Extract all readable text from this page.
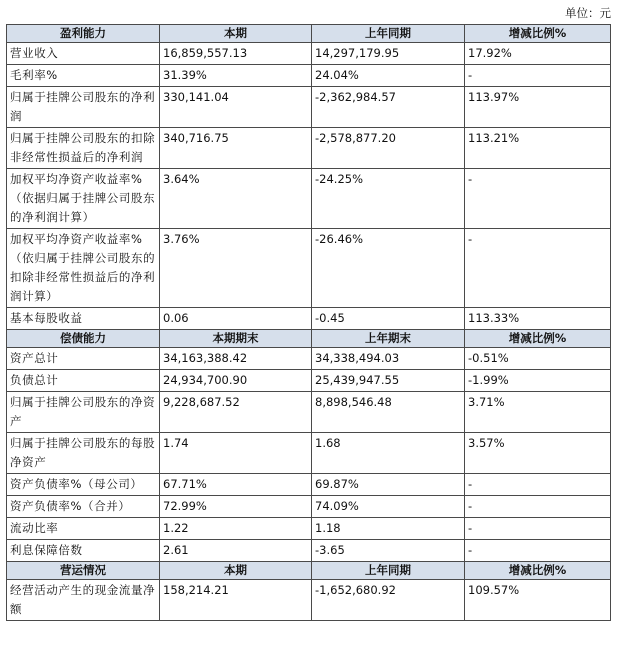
单位：元
盈利能力	本期	上年同期	增减比例%
营业收入	16,859,557.13	14,297,179.95	17.92%
毛利率%	31.39%	24.04%	-
归属于挂牌公司股东的净利润	330,141.04	-2,362,984.57	113.97%
归属于挂牌公司股东的扣除非经常性损益后的净利润	340,716.75	-2,578,877.20	113.21%
加权平均净资产收益率%（依据归属于挂牌公司股东的净利润计算）	3.64%	-24.25%	-
加权平均净资产收益率%（依归属于挂牌公司股东的扣除非经常性损益后的净利润计算）	3.76%	-26.46%	-
基本每股收益	0.06	-0.45	113.33%
偿债能力	本期期末	上年期末	增减比例%
资产总计	34,163,388.42	34,338,494.03	-0.51%
负债总计	24,934,700.90	25,439,947.55	-1.99%
归属于挂牌公司股东的净资产	9,228,687.52	8,898,546.48	3.71%
归属于挂牌公司股东的每股净资产	1.74	1.68	3.57%
资产负债率%（母公司）	67.71%	69.87%	-
资产负债率%（合并）	72.99%	74.09%	-
流动比率	1.22	1.18	-
利息保障倍数	2.61	-3.65	-
营运情况	本期	上年同期	增减比例%
经营活动产生的现金流量净额	158,214.21	-1,652,680.92	109.57%
